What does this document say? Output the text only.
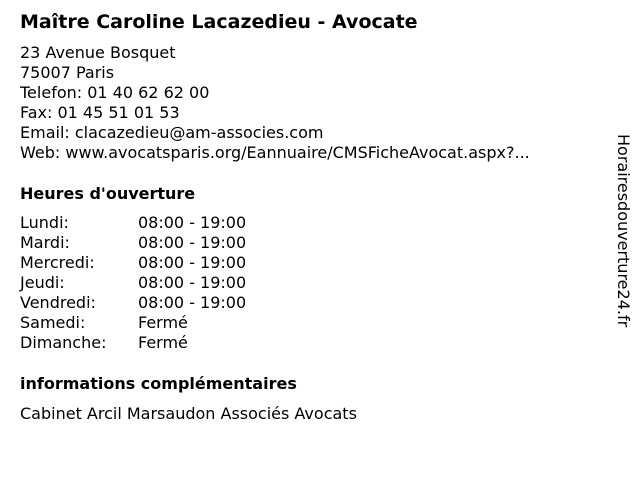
Maître Caroline Lacazedieu - Avocate
23 Avenue Bosquet
75007 Paris
Telefon: 01 40 62 62 00
Fax: 01 45 51 01 53
Email: clacazedieu@am-associes.com
Web: www.avocatsparis.org/Eannuaire/CMSFicheAvocat.aspx?...
Heures d'ouverture
Lundi:	08:00 - 19:00
Mardi:	08:00 - 19:00
Mercredi:	08:00 - 19:00
Jeudi:	08:00 - 19:00
Vendredi:	08:00 - 19:00
Samedi:	Fermé
Dimanche: Fermé
informations complémentaires
Cabinet Arcil Marsaudon Associés Avocats
Horairesdouverture24.fr
